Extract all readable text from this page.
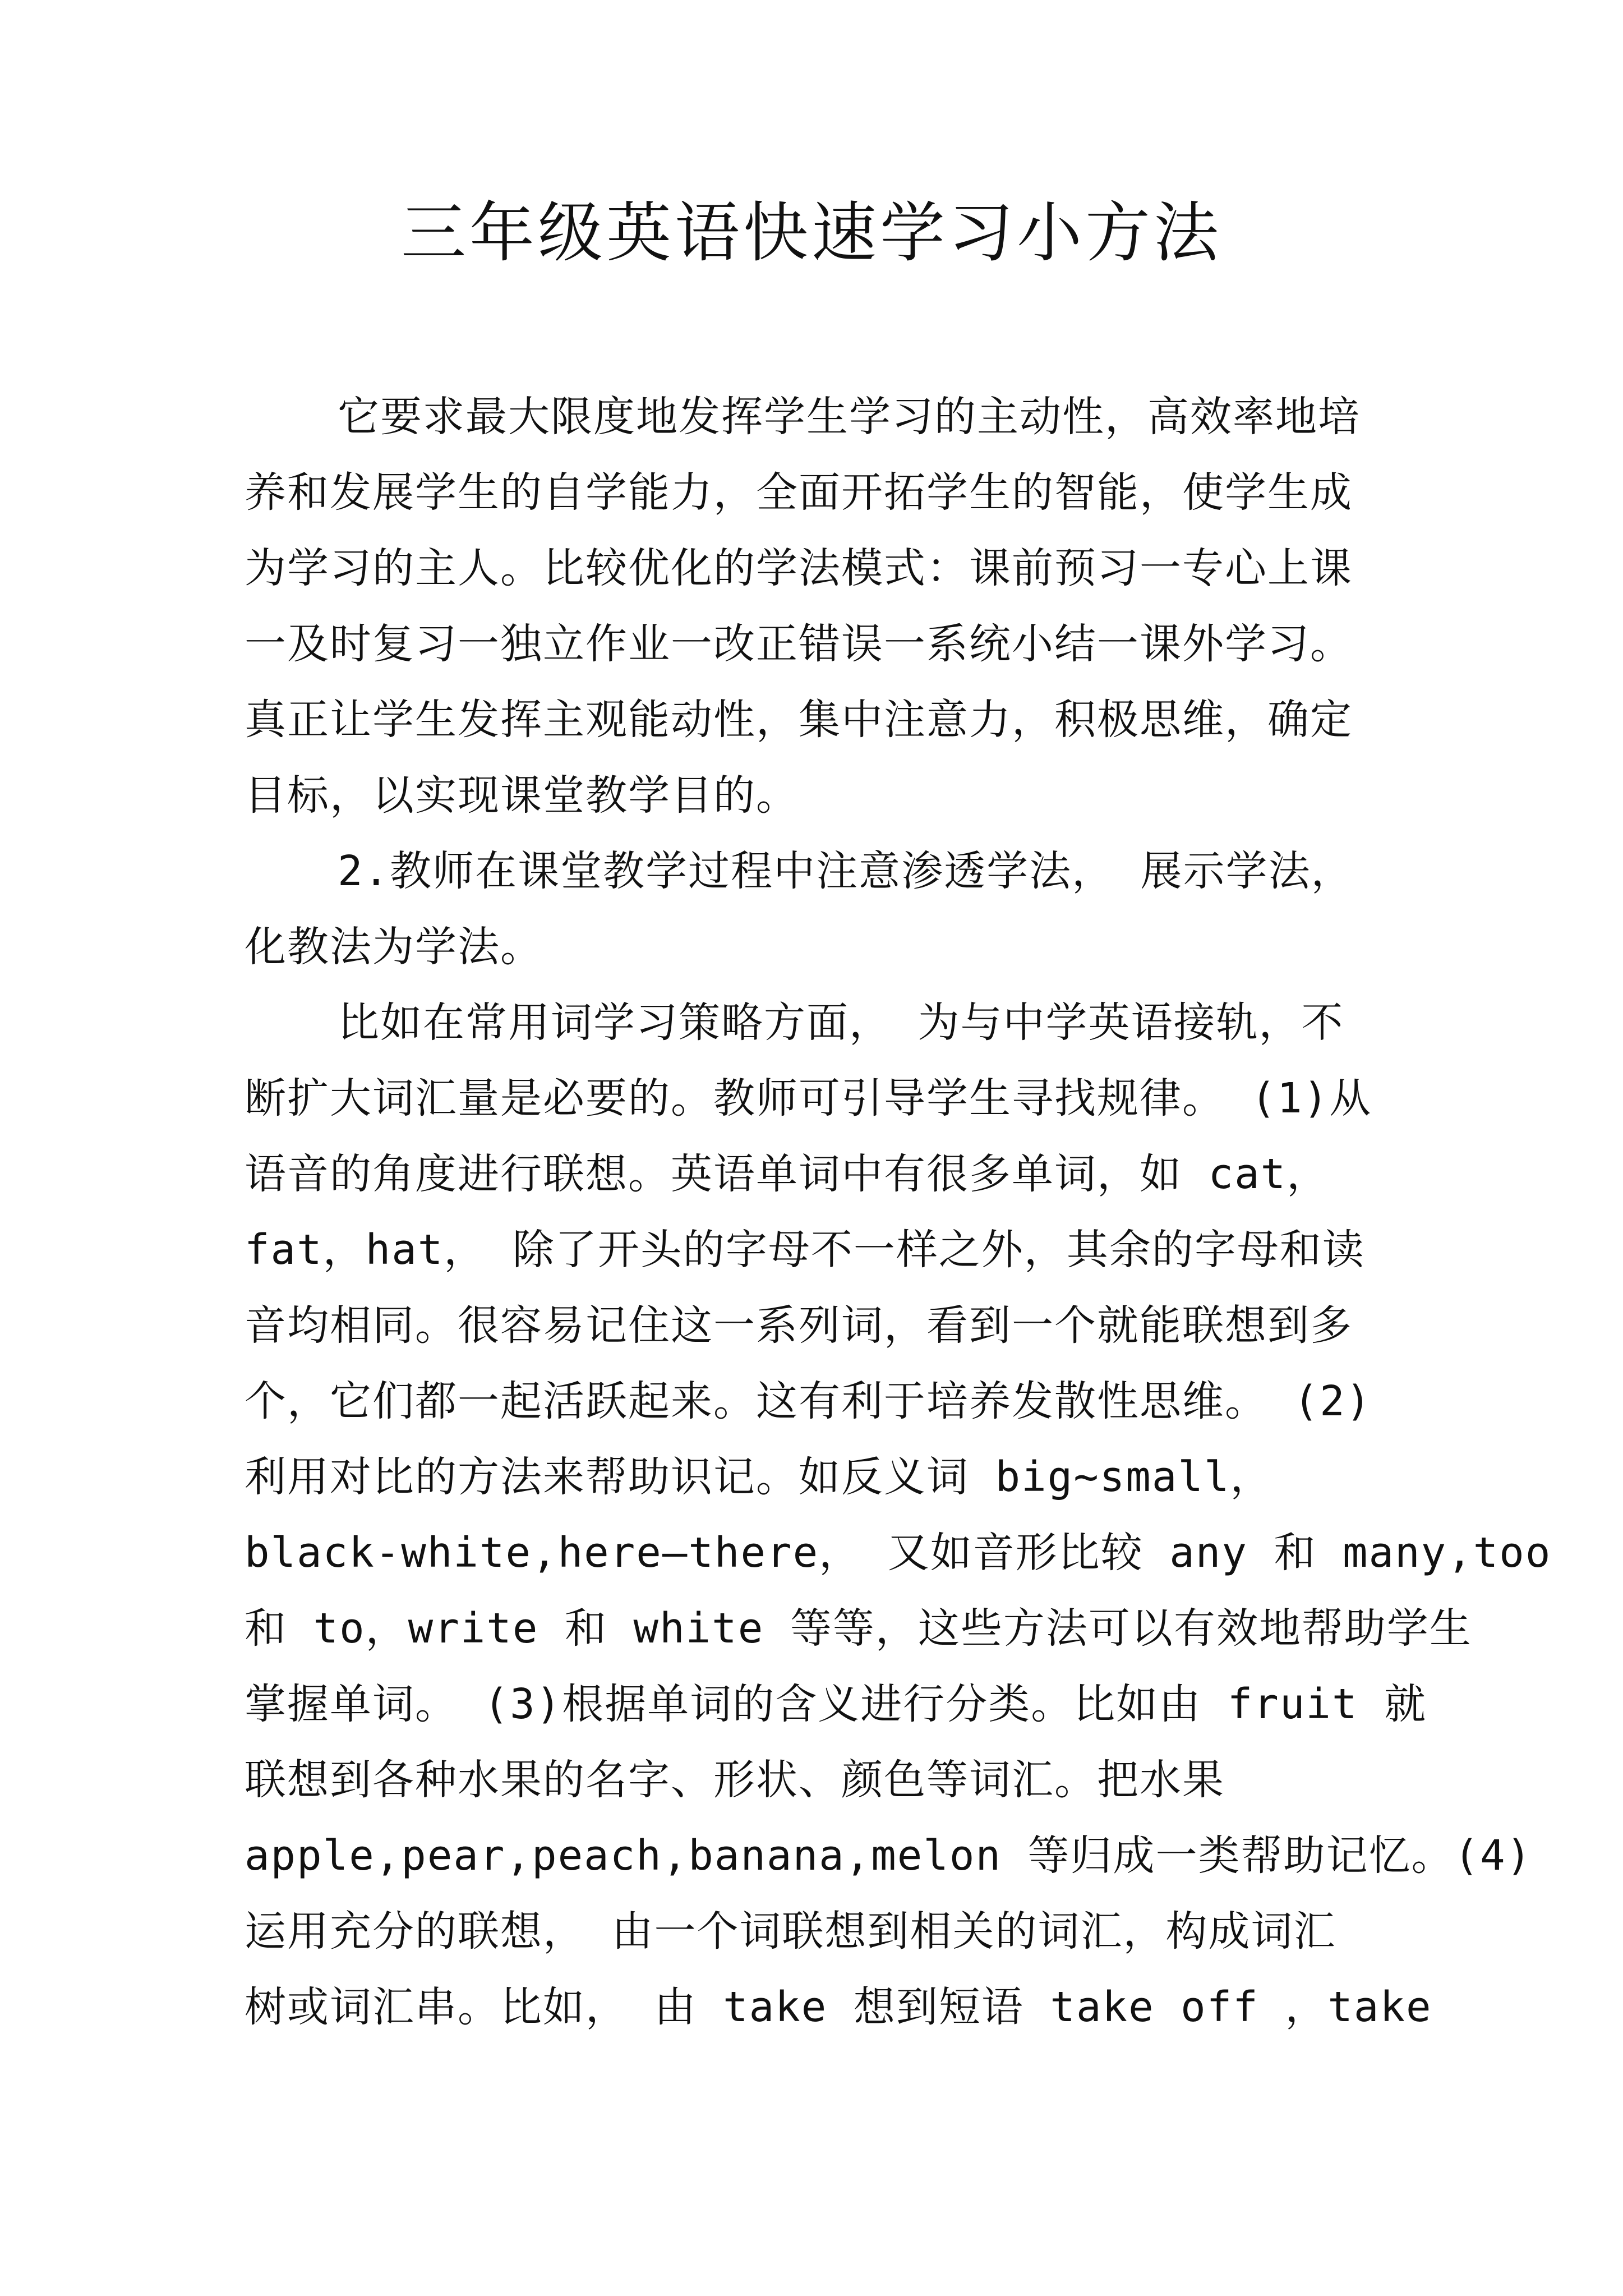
三年级英语快速学习小方法
它要求最大限度地发挥学生学习的主动性，高效率地培
养和发展学生的自学能力，全面开拓学生的智能，使学生成
为学习的主人。比较优化的学法模式：课前预习一专心上课
一及时复习一独立作业一改正错误一系统小结一课外学习。
真正让学生发挥主观能动性，集中注意力，积极思维，确定
目标，以实现课堂教学目的。
2.教师在课堂教学过程中注意渗透学法， 展示学法，
化教法为学法。
比如在常用词学习策略方面， 为与中学英语接轨，不
断扩大词汇量是必要的。教师可引导学生寻找规律。 (1)从
语音的角度进行联想。英语单词中有很多单词，如 cat，
fat，hat， 除了开头的字母不一样之外，其余的字母和读
音均相同。很容易记住这一系列词，看到一个就能联想到多
个，它们都一起活跃起来。这有利于培养发散性思维。 (2)
利用对比的方法来帮助识记。如反义词 big~small，
black-white,here—there， 又如音形比较 any 和 many,too
和 to，write 和 white 等等，这些方法可以有效地帮助学生
掌握单词。 (3)根据单词的含义进行分类。比如由 fruit 就
联想到各种水果的名字、形状、颜色等词汇。把水果
apple,pear,peach,banana,melon 等归成一类帮助记忆。(4)
运用充分的联想， 由一个词联想到相关的词汇，构成词汇
树或词汇串。比如， 由 take 想到短语 take off ，take
